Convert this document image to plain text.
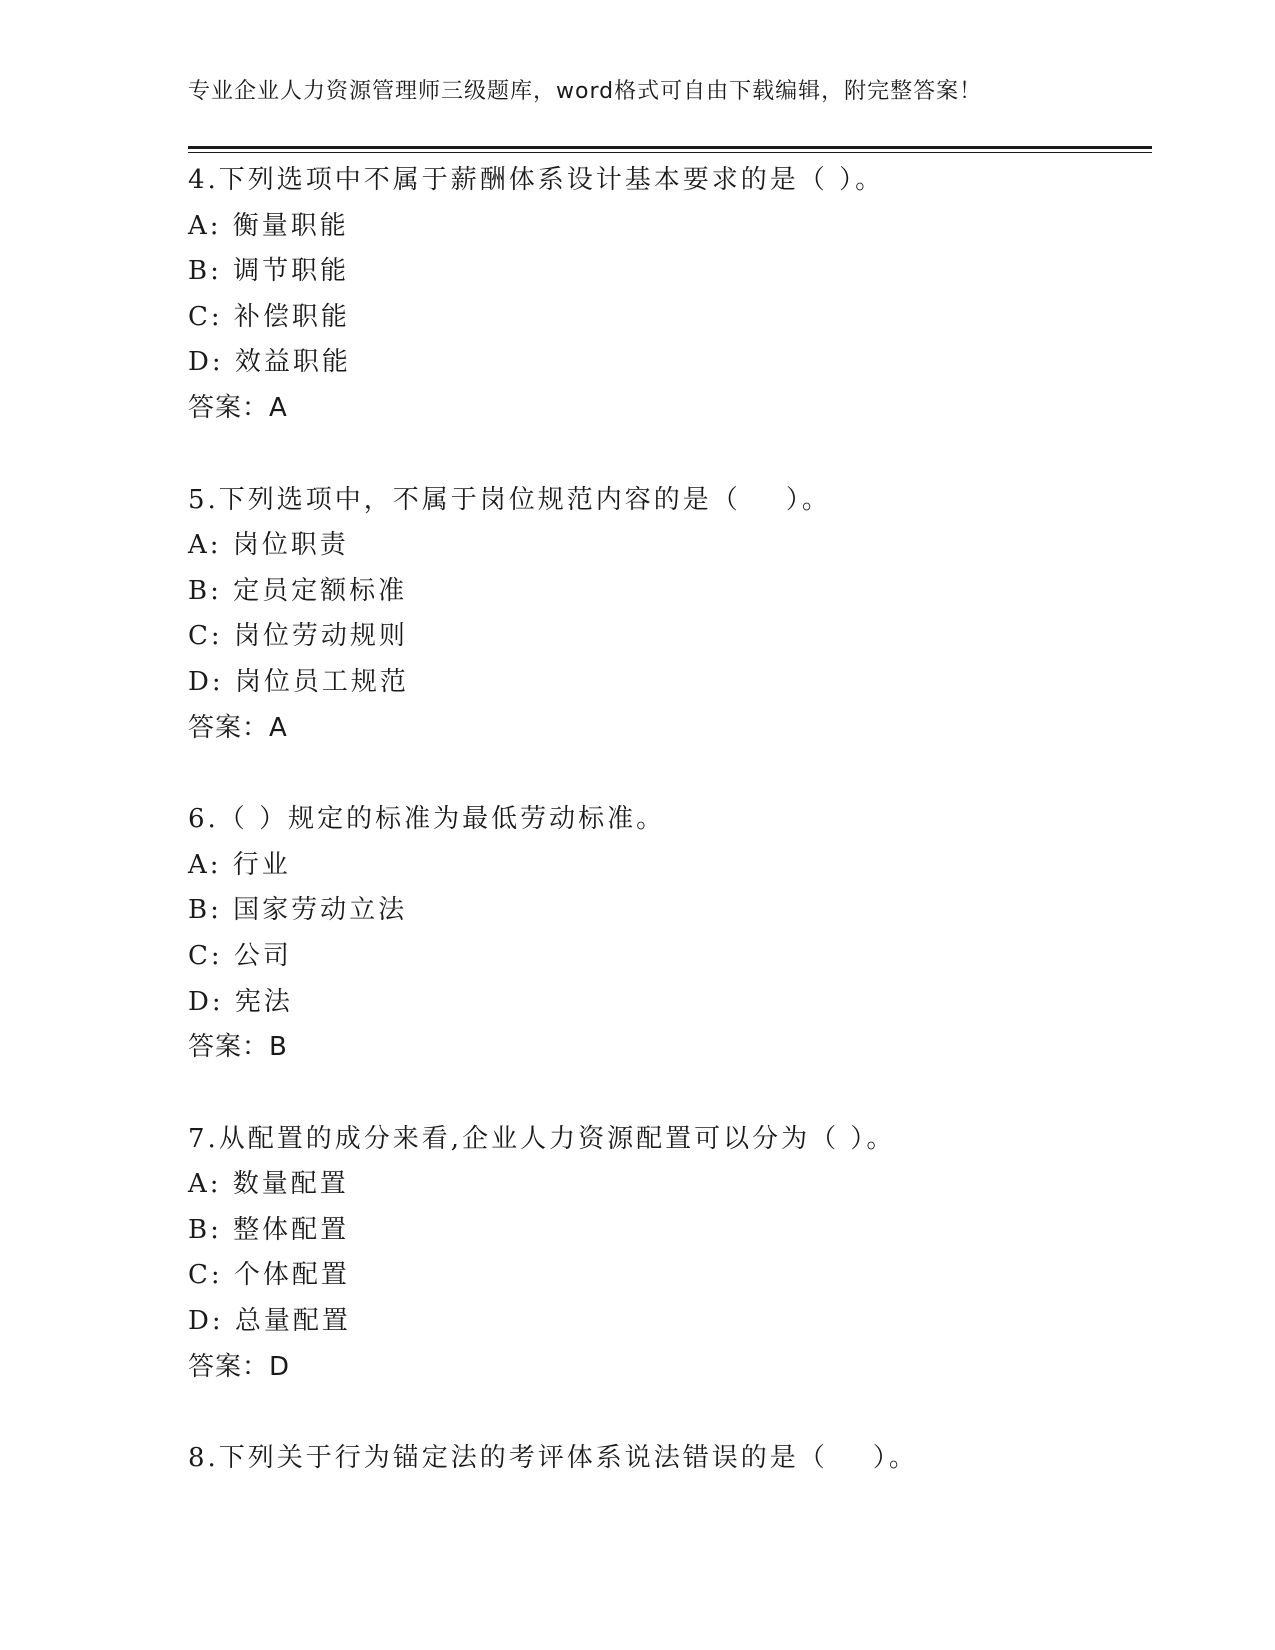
专业企业人力资源管理师三级题库，word格式可自由下载编辑，附完整答案！
4.下列选项中不属于薪酬体系设计基本要求的是（ ）。
A: 衡量职能
B: 调节职能
C: 补偿职能
D: 效益职能
答案：A
5.下列选项中，不属于岗位规范内容的是（    ）。
A: 岗位职责
B: 定员定额标准
C: 岗位劳动规则
D: 岗位员工规范
答案：A
6.（ ）规定的标准为最低劳动标准。
A: 行业
B: 国家劳动立法
C: 公司
D: 宪法
答案：B
7.从配置的成分来看,企业人力资源配置可以分为（ ）。
A: 数量配置
B: 整体配置
C: 个体配置
D: 总量配置
答案：D
8.下列关于行为锚定法的考评体系说法错误的是（    ）。
